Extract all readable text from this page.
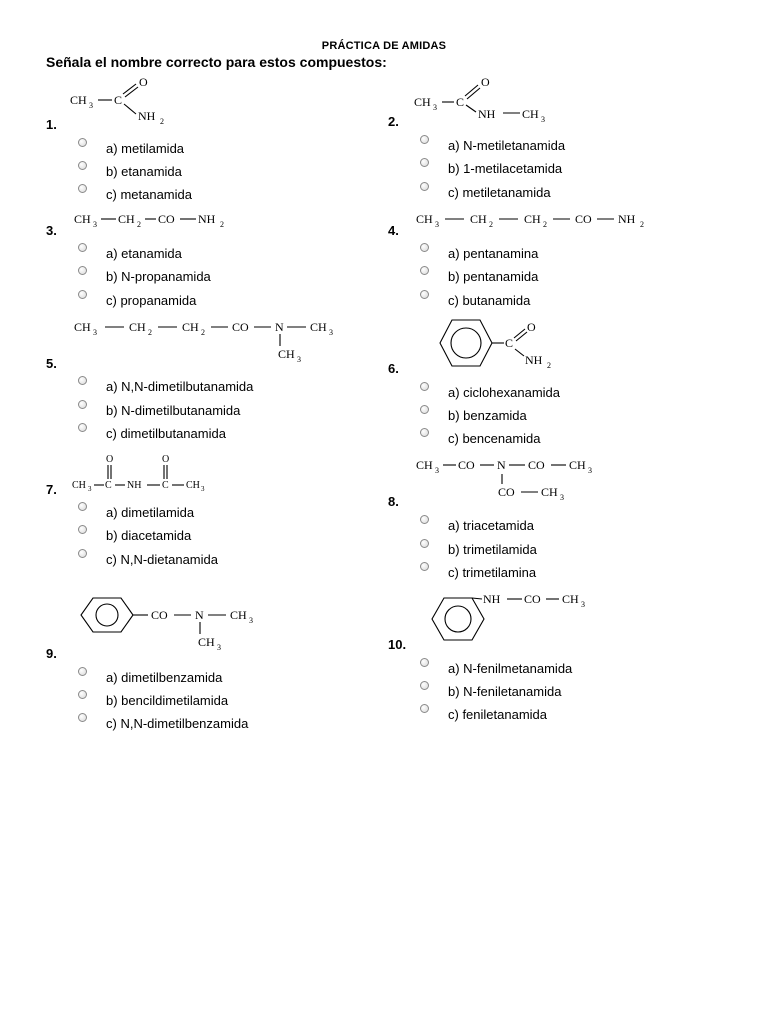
PRÁCTICA DE AMIDAS
Señala el nombre correcto para estos compuestos:
1.
CH 3 C
O
NH 2
a) metilamida
b) etanamida
c) metanamida
2.
CH 3 C
O
NH CH 3
a) N-metiletanamida
b) 1-metilacetamida
c) metiletanamida
3.
CH 3 CH 2 CO NH 2
a) etanamida
b) N-propanamida
c) propanamida
4.
CH 3	CH 2	CH 2 CO NH 2
a) pentanamina
b) pentanamida
c) butanamida
5.
CH 3	CH 2	CH 2 CO N CH 3
CH 3
a) N,N-dimetilbutanamida
b) N-dimetilbutanamida
c) dimetilbutanamida
6.
C
O
NH 2
a) ciclohexanamida
b) benzamida
c) bencenamida
7. CH 3 C
O
NH C
O
CH 3
a) dimetilamida
b) diacetamida
c) N,N-dietanamida
8.
CH 3 CO N CO CH 3
CO CH 3
a) triacetamida
b) trimetilamida
c) trimetilamina
9.
CO N CH 3
CH 3
a) dimetilbenzamida
b) bencildimetilamida
c) N,N-dimetilbenzamida
10.
NH CO CH 3
a) N-fenilmetanamida
b) N-feniletanamida
c) feniletanamida
